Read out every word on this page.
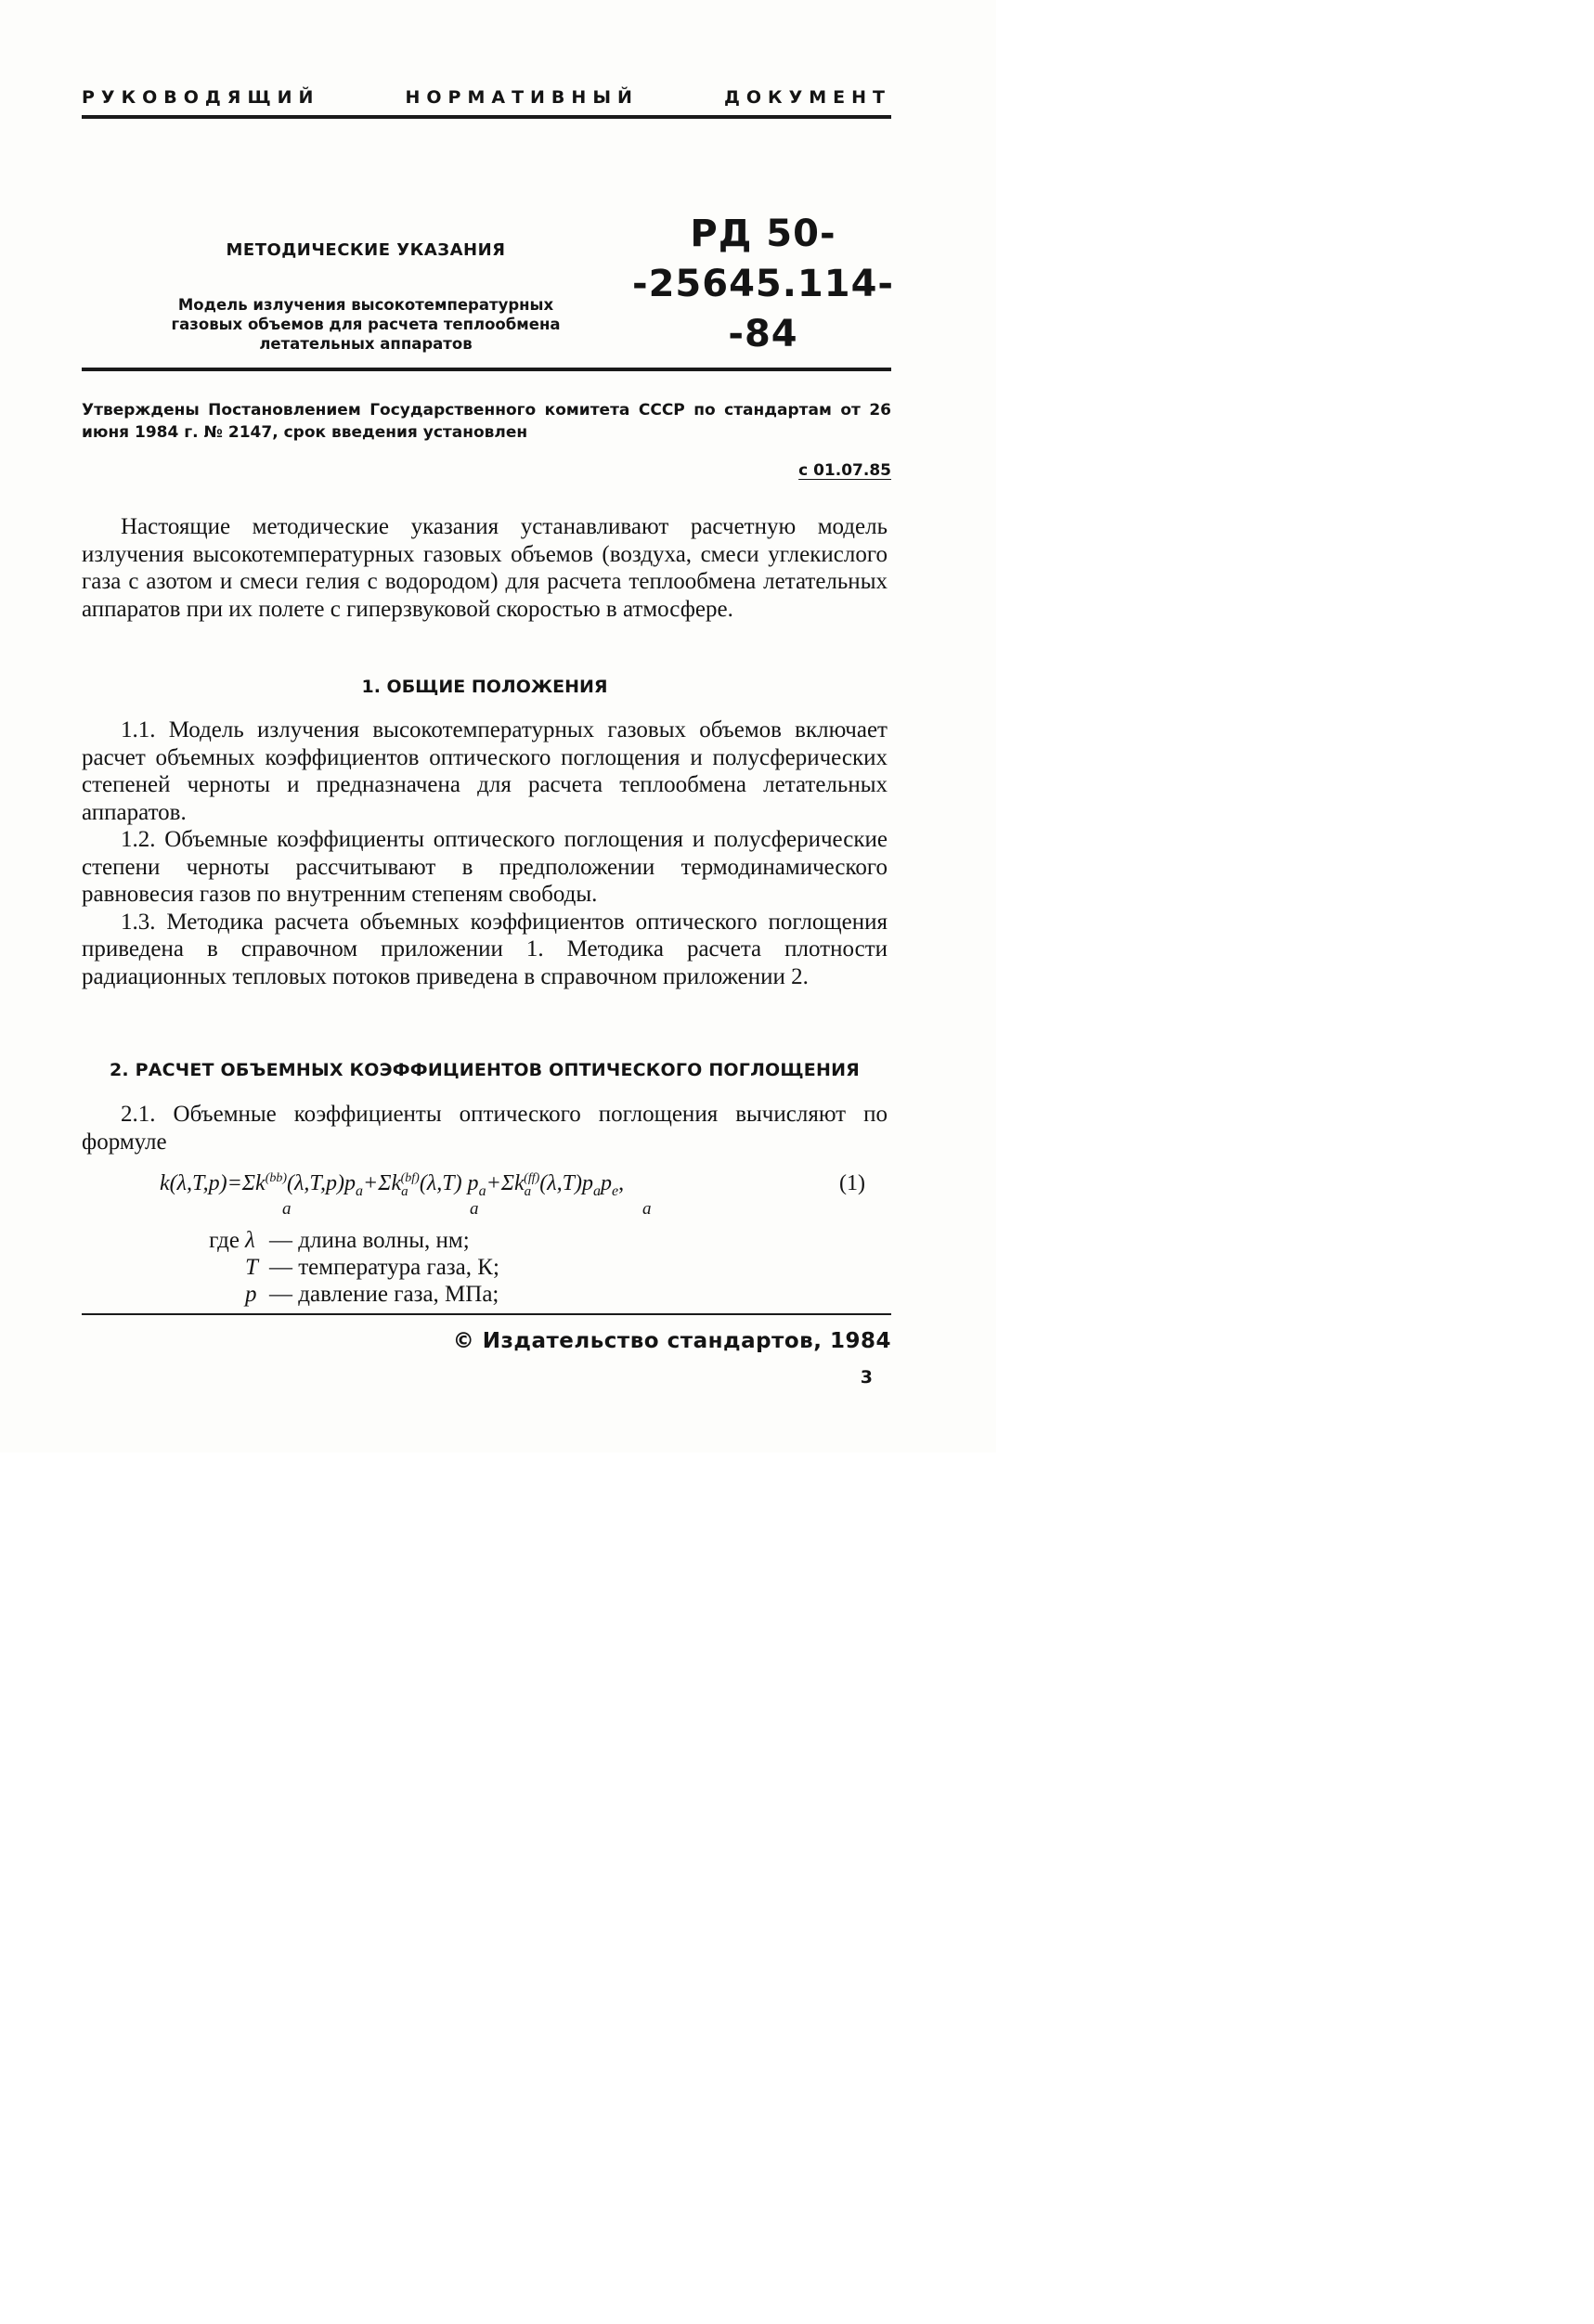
РУКОВОДЯЩИЙ	НОРМАТИВНЫЙ	ДОКУМЕНТ
МЕТОДИЧЕСКИЕ УКАЗАНИЯ
Модель излучения высокотемпературных
газовых объемов для расчета теплообмена
летательных аппаратов
РД 50-
-25645.114-
-84
Утверждены Постановлением Государственного комитета СССР по стандартам от 26 июня 1984 г. № 2147, срок введения установлен
с 01.07.85

Настоящие методические указания устанавливают расчетную модель излучения высокотемпературных газовых объемов (воздуха, смеси углекислого газа с азотом и смеси гелия с водородом) для расчета теплообмена летательных аппаратов при их полете с гиперзвуковой скоростью в атмосфере.

1. ОБЩИЕ ПОЛОЖЕНИЯ

1.1. Модель излучения высокотемпературных газовых объемов включает расчет объемных коэффициентов оптического поглощения и полусферических степеней черноты и предназначена для расчета теплообмена летательных аппаратов.

1.2. Объемные коэффициенты оптического поглощения и полусферические степени черноты рассчитывают в предположении термодинамического равновесия газов по внутренним степеням свободы.

1.3. Методика расчета объемных коэффициентов оптического поглощения приведена в справочном приложении 1. Методика расчета плотности радиационных тепловых потоков приведена в справочном приложении 2.

2. РАСЧЕТ ОБЪЕМНЫХ КОЭФФИЦИЕНТОВ ОПТИЧЕСКОГО ПОГЛОЩЕНИЯ

2.1. Объемные коэффициенты оптического поглощения вычисляют по формуле

$k(\lambda,T,p)=\Sigma k^{(bb)}(\lambda,T,p)p_a+\Sigma k_a^{(bf)}(\lambda,T)$ $p_a+\Sigma k_a^{(ff)}(\lambda,T)p_ap_e$,	(1)
a	a	a
где λ — длина волны, нм;
T — температура газа, К;
p — давление газа, МПа;
© Издательство стандартов, 1984
3
